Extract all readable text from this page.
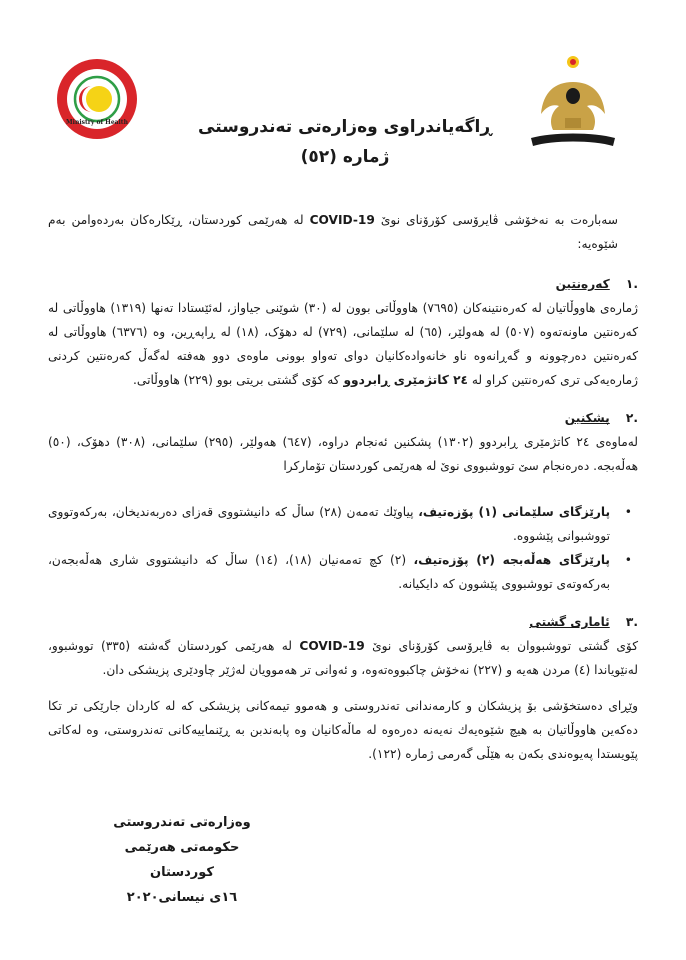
Ministry of Health	ڕاگەیاندراوی وەزارەتی تەندروستی

ژمارە (٥٢)

سەبارەت بە نەخۆشی ڤایرۆسی کۆرۆنای نوێ COVID-19 لە هەرێمی کوردستان، ڕێکارەکان بەردەوامن بەم شێوەیە:

.١ کەرەنتین

ژمارەی هاووڵاتیان لە کەرەنتینەکان (٧٦٩٥) هاووڵاتی بوون لە (٣٠) شوێنی جیاواز، لەئێستادا تەنها (١٣١٩) هاووڵاتی لە کەرەنتین ماونەتەوە (٥٠٧) لە هەولێر، (٦٥) لە سلێمانی، (٧٢٩) لە دهۆک، (١٨) لە ڕاپەڕین، وە (٦٣٧٦) هاووڵاتی لە کەرەنتین دەرچوونە و گەڕانەوە ناو خانەوادەکانیان دوای تەواو بوونی ماوەی دوو هەفتە لەگەڵ کەرەنتین کردنی ژمارەیەکی تری کەرەنتین کراو لە ٢٤ کاتژمێری ڕابردوو کە کۆی گشتی بریتی بوو (٢٢٩) هاووڵاتی.

.٢ پشکنین

لەماوەی ٢٤ کاتژمێری ڕابردوو (١٣٠٢) پشکنین ئەنجام دراوە، (٦٤٧) هەولێر، (٢٩٥) سلێمانی، (٣٠٨) دهۆک، (٥٠) هەڵەبجە. دەرەنجام سێ تووشبووی نوێ لە هەرێمی کوردستان تۆمارکرا

•
پارێزگای سلێمانی (١) پۆزەتیف، پیاوێك تەمەن (٢٨) ساڵ کە دانیشتووی قەزای دەربەندیخان، بەرکەوتووی تووشبوانی پێشووە.
•
پارێزگای هەڵەبجە (٢) پۆزەتیف، (٢) کچ تەمەنیان (١٨)، (١٤) ساڵ کە دانیشتووی شاری هەڵەبجەن، بەرکەوتەی تووشبووی پێشوون کە دایکیانە.

.٣ ئاماری گشتی

کۆی گشتی تووشبووان بە ڤایرۆسی کۆرۆنای نوێ COVID-19 لە هەرێمی کوردستان گەشتە (٣٣٥) تووشبوو، لەنێویاندا (٤) مردن هەیە و (٢٢٧) نەخۆش چاکبووەتەوە، و ئەوانی تر هەموویان لەژێر چاودێری پزیشکی دان.

وێڕای دەستخۆشی بۆ پزیشکان و کارمەندانی تەندروستی و هەموو تیمەکانی پزیشکی کە لە کاردان جارێکی تر تکا دەکەین هاووڵاتیان بە هیچ شێوەیەك نەیەنە دەرەوە لە ماڵەکانیان وە پابەندبن بە ڕێنماییەکانی تەندروستی، وە لەکاتی پێویستدا پەیوەندی بکەن بە هێڵی گەرمی ژمارە (١٢٢).

وەزارەتی تەندروستی
حکومەتی هەرێمی کوردستان
١٦ی نیسانی٢٠٢٠
